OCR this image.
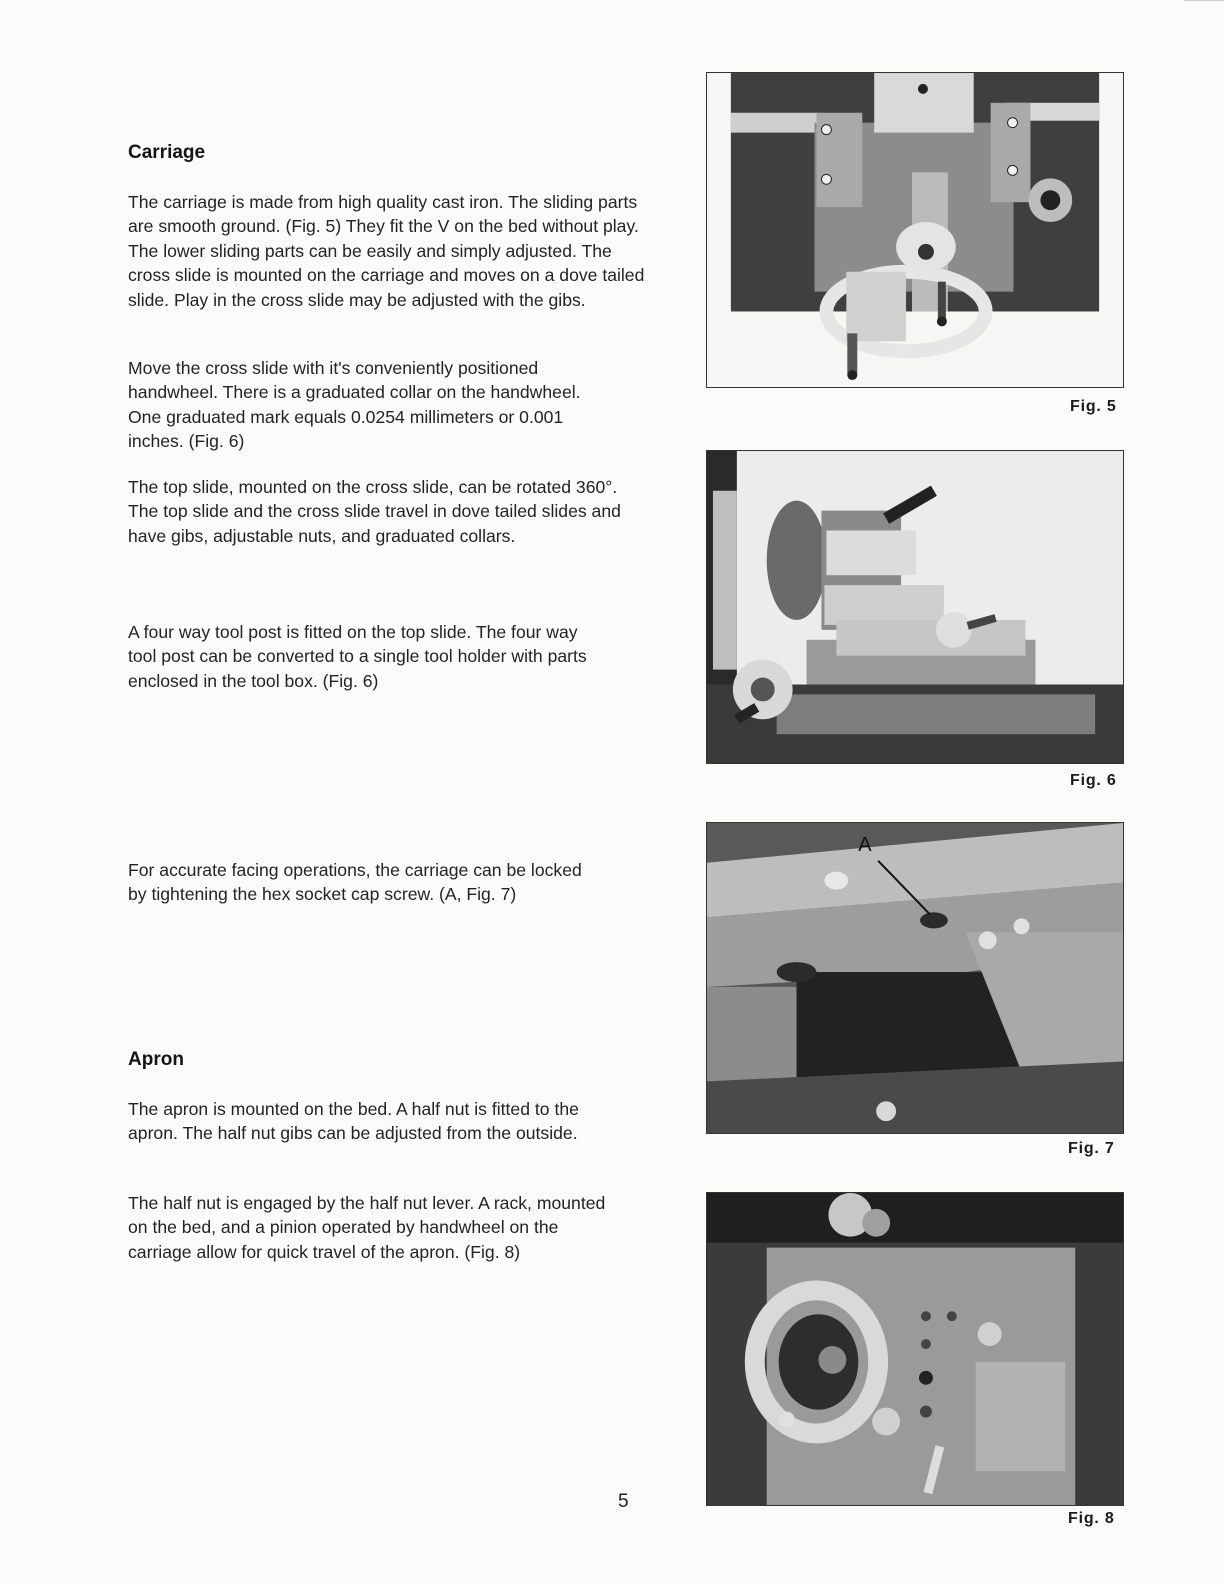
Carriage

The carriage is made from high quality cast iron. The sliding parts are smooth ground. (Fig. 5) They fit the V on the bed without play. The lower sliding parts can be easily and simply adjusted. The cross slide is mounted on the carriage and moves on a dove tailed slide. Play in the cross slide may be adjusted with the gibs.

Move the cross slide with it's conveniently positioned handwheel. There is a graduated collar on the handwheel. One graduated mark equals 0.0254 millimeters or 0.001 inches. (Fig. 6)

The top slide, mounted on the cross slide, can be rotated 360°. The top slide and the cross slide travel in dove tailed slides and have gibs, adjustable nuts, and graduated collars.

A four way tool post is fitted on the top slide. The four way tool post can be converted to a single tool holder with parts enclosed in the tool box. (Fig. 6)

For accurate facing operations, the carriage can be locked by tightening the hex socket cap screw. (A, Fig. 7)

Apron

The apron is mounted on the bed. A half nut is fitted to the apron. The half nut gibs can be adjusted from the outside.

The half nut is engaged by the half nut lever. A rack, mounted on the bed, and a pinion operated by handwheel on the carriage allow for quick travel of the apron. (Fig. 8)

5
Fig. 5
Fig. 6
A
Fig. 7
Fig. 8
